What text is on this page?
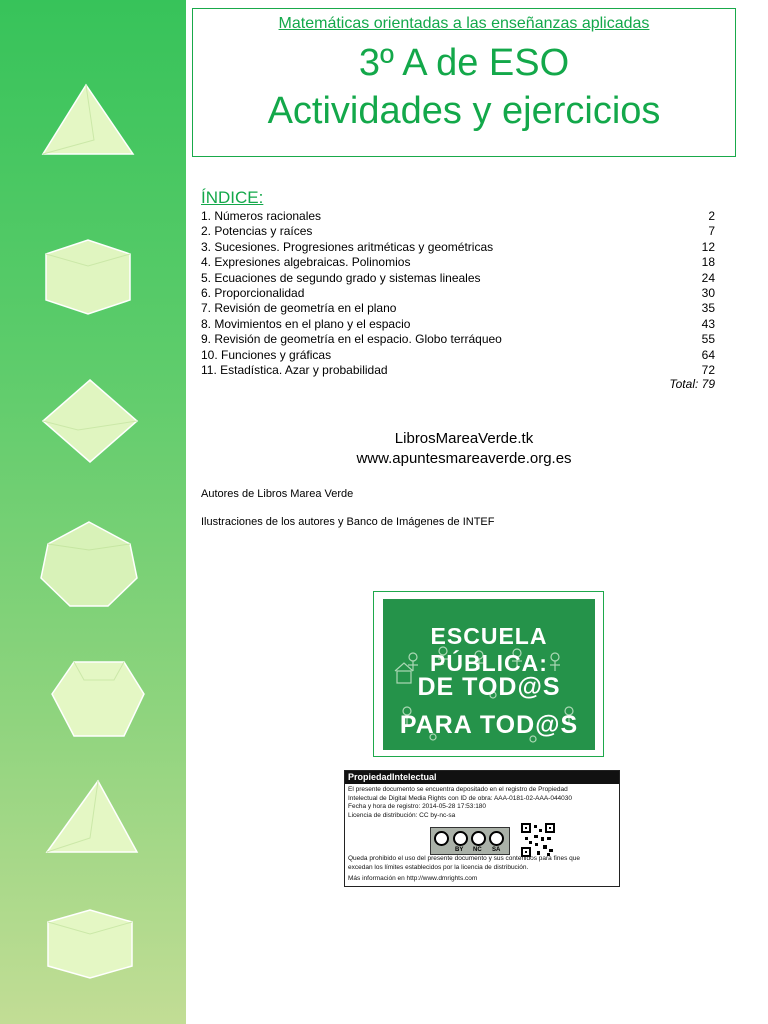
Matemáticas orientadas a las enseñanzas aplicadas
3º A de ESO
Actividades y ejercicios
ÍNDICE:
1. Números racionales	2
2. Potencias y raíces	7
3. Sucesiones. Progresiones aritméticas y geométricas	12
4. Expresiones algebraicas. Polinomios	18
5. Ecuaciones de segundo grado y sistemas lineales	24
6. Proporcionalidad	30
7. Revisión de geometría en el plano	35
8. Movimientos en el plano y el espacio	43
9. Revisión de geometría en el espacio. Globo terráqueo	55
10. Funciones y gráficas	64
11. Estadística. Azar y probabilidad	72
Total: 79
LibrosMareaVerde.tk
www.apuntesmareaverde.org.es
Autores de Libros Marea Verde
Ilustraciones de los autores y Banco de Imágenes de INTEF
ESCUELA PÚBLICA:
DE TOD@S
PARA TOD@S
PropiedadIntelectual
El presente documento se encuentra depositado en el registro de Propiedad
Intelectual de Digital Media Rights con ID de obra: AAA-0181-02-AAA-044030
Fecha y hora de registro: 2014-05-28 17:53:180
Licencia de distribución: CC by-nc-sa
BY NC SA
Queda prohibido el uso del presente documento y sus contenidos para fines que
excedan los límites establecidos por la licencia de distribución.
Más información en http://www.dmrights.com
